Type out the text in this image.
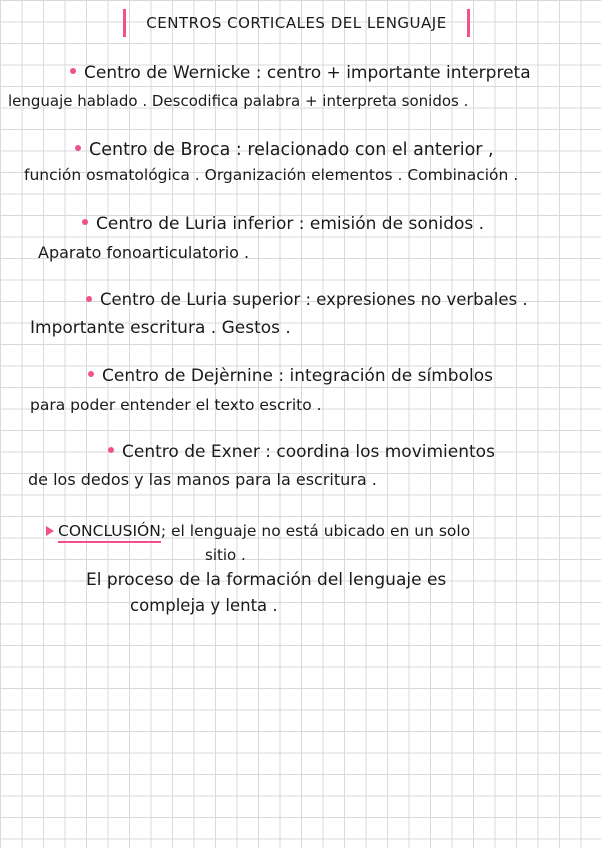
CENTROS CORTICALES DEL LENGUAJE
Centro de Wernicke : centro + importante interpreta
lenguaje hablado . Descodifica palabra + interpreta sonidos .
Centro de Broca : relacionado con el anterior ,
función osmatológica . Organización elementos . Combinación .
Centro de Luria inferior : emisión de sonidos .
Aparato fonoarticulatorio .
Centro de Luria superior : expresiones no verbales .
Importante escritura . Gestos .
Centro de Dejèrnine : integración de símbolos
para poder entender el texto escrito .
Centro de Exner : coordina los movimientos
de los dedos y las manos para la escritura .
CONCLUSIÓN; el lenguaje no está ubicado en un solo
sitio .
El proceso de la formación del lenguaje es
compleja y lenta .
